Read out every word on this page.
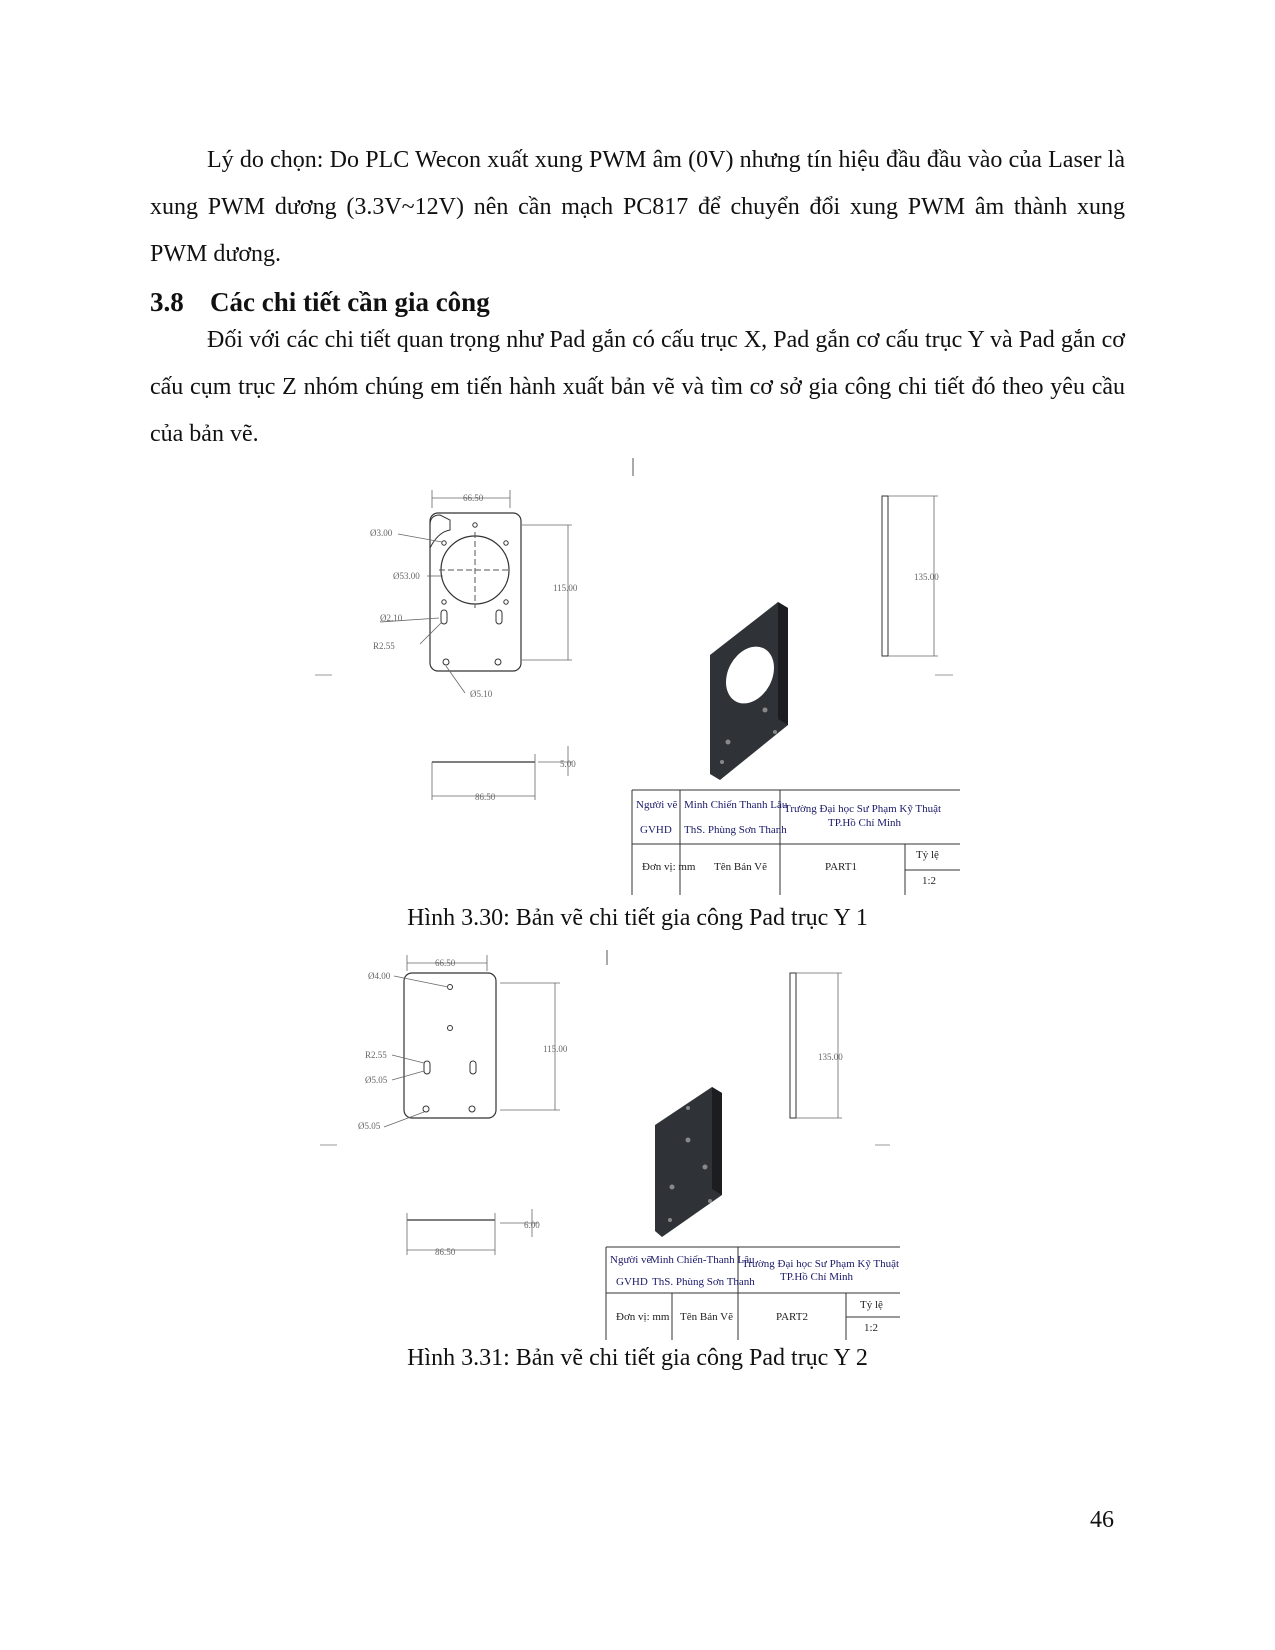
Lý do chọn: Do PLC Wecon xuất xung PWM âm (0V) nhưng tín hiệu đầu đầu vào của Laser là xung PWM dương (3.3V~12V) nên cần mạch PC817 để chuyển đổi xung PWM âm thành xung PWM dương.

3.8 Các chi tiết cần gia công

Đối với các chi tiết quan trọng như Pad gắn có cấu trục X, Pad gắn cơ cấu trục Y và Pad gắn cơ cấu cụm trục Z nhóm chúng em tiến hành xuất bản vẽ và tìm cơ sở gia công chi tiết đó theo yêu cầu của bản vẽ.

66.50
Ø3.00
Ø53.00
Ø2.10
R2.55
Ø5.10
115.00
135.00
86.50
5.00
Người vẽ Minh Chiến Thanh Lâu
Trường Đại học Sư Phạm Kỹ Thuật
TP.Hồ Chí Minh
GVHD ThS. Phùng Sơn Thanh
Đơn vị: mm Tên Bản Vẽ	PART1
Tỷ lệ
1:2

Hình 3.30: Bản vẽ chi tiết gia công Pad trục Y 1

66.50
Ø4.00
R2.55
Ø5.05
Ø5.05
115.00
135.00
86.50
6.00
Người vẽ
Minh Chiến-Thanh Lâu
Trường Đại học Sư Phạm Kỹ Thuật
TP.Hồ Chí Minh
GVHD ThS. Phùng Sơn Thanh
Đơn vị: mm Tên Bản Vẽ	PART2
Tỷ lệ
1:2

Hình 3.31: Bản vẽ chi tiết gia công Pad trục Y 2

46
